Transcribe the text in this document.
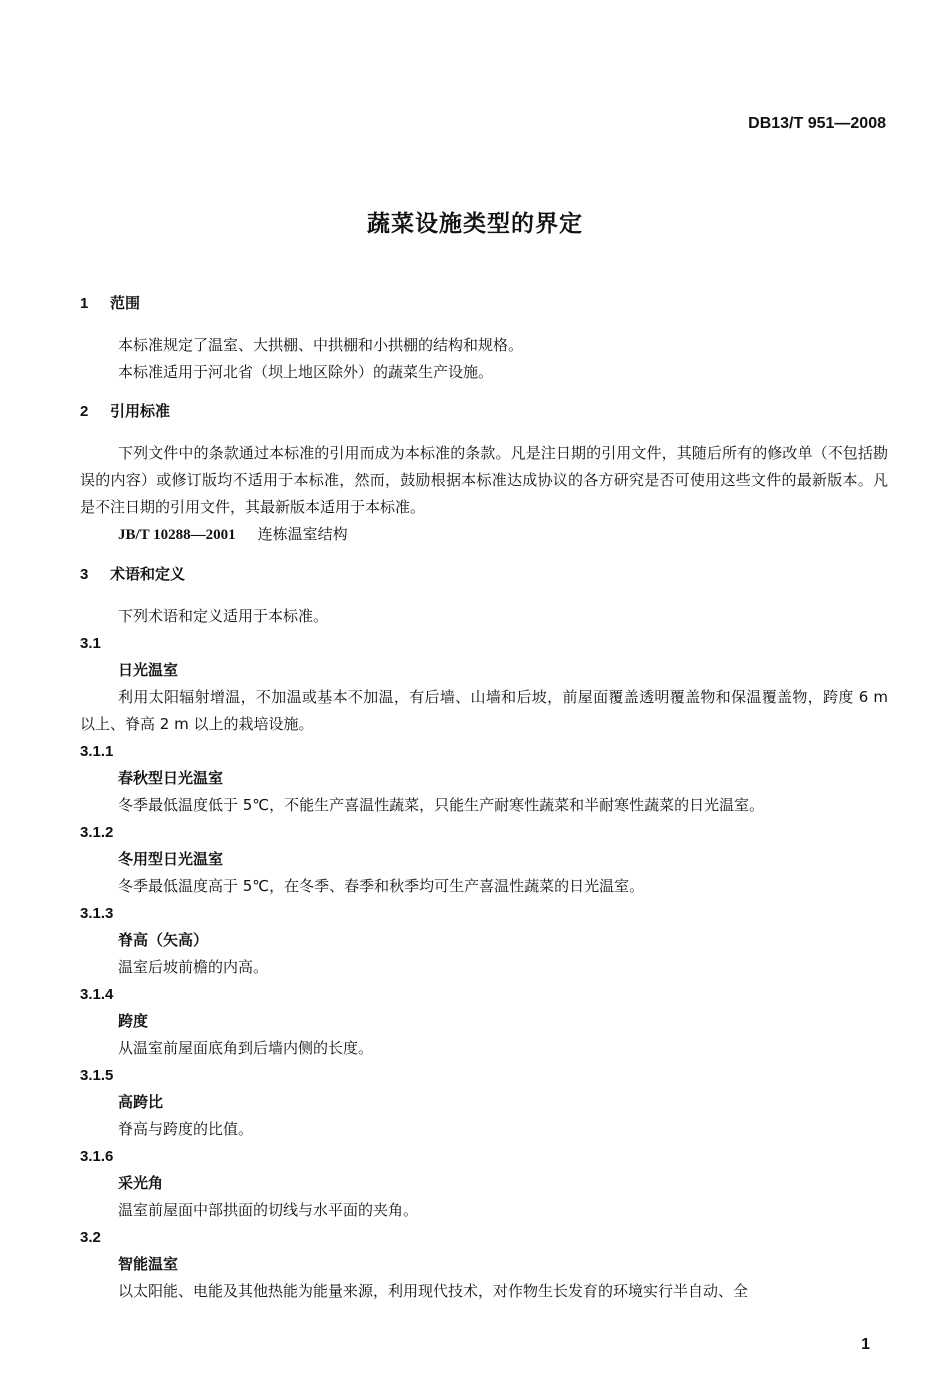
DB13/T 951—2008
蔬菜设施类型的界定
1 范围

本标准规定了温室、大拱棚、中拱棚和小拱棚的结构和规格。

本标准适用于河北省（坝上地区除外）的蔬菜生产设施。

2 引用标准

下列文件中的条款通过本标准的引用而成为本标准的条款。凡是注日期的引用文件，其随后所有的修改单（不包括勘误的内容）或修订版均不适用于本标准，然而，鼓励根据本标准达成协议的各方研究是否可使用这些文件的最新版本。凡是不注日期的引用文件，其最新版本适用于本标准。

JB/T 10288—2001 连栋温室结构
3 术语和定义

下列术语和定义适用于本标准。

3.1
日光温室

利用太阳辐射增温，不加温或基本不加温，有后墙、山墙和后坡，前屋面覆盖透明覆盖物和保温覆盖物，跨度 6 m 以上、脊高 2 m 以上的栽培设施。

3.1.1
春秋型日光温室

冬季最低温度低于 5℃，不能生产喜温性蔬菜，只能生产耐寒性蔬菜和半耐寒性蔬菜的日光温室。

3.1.2
冬用型日光温室

冬季最低温度高于 5℃，在冬季、春季和秋季均可生产喜温性蔬菜的日光温室。

3.1.3
脊高（矢高）

温室后坡前檐的内高。

3.1.4
跨度

从温室前屋面底角到后墙内侧的长度。

3.1.5
高跨比

脊高与跨度的比值。

3.1.6
采光角

温室前屋面中部拱面的切线与水平面的夹角。

3.2
智能温室

以太阳能、电能及其他热能为能量来源，利用现代技术，对作物生长发育的环境实行半自动、全

1
